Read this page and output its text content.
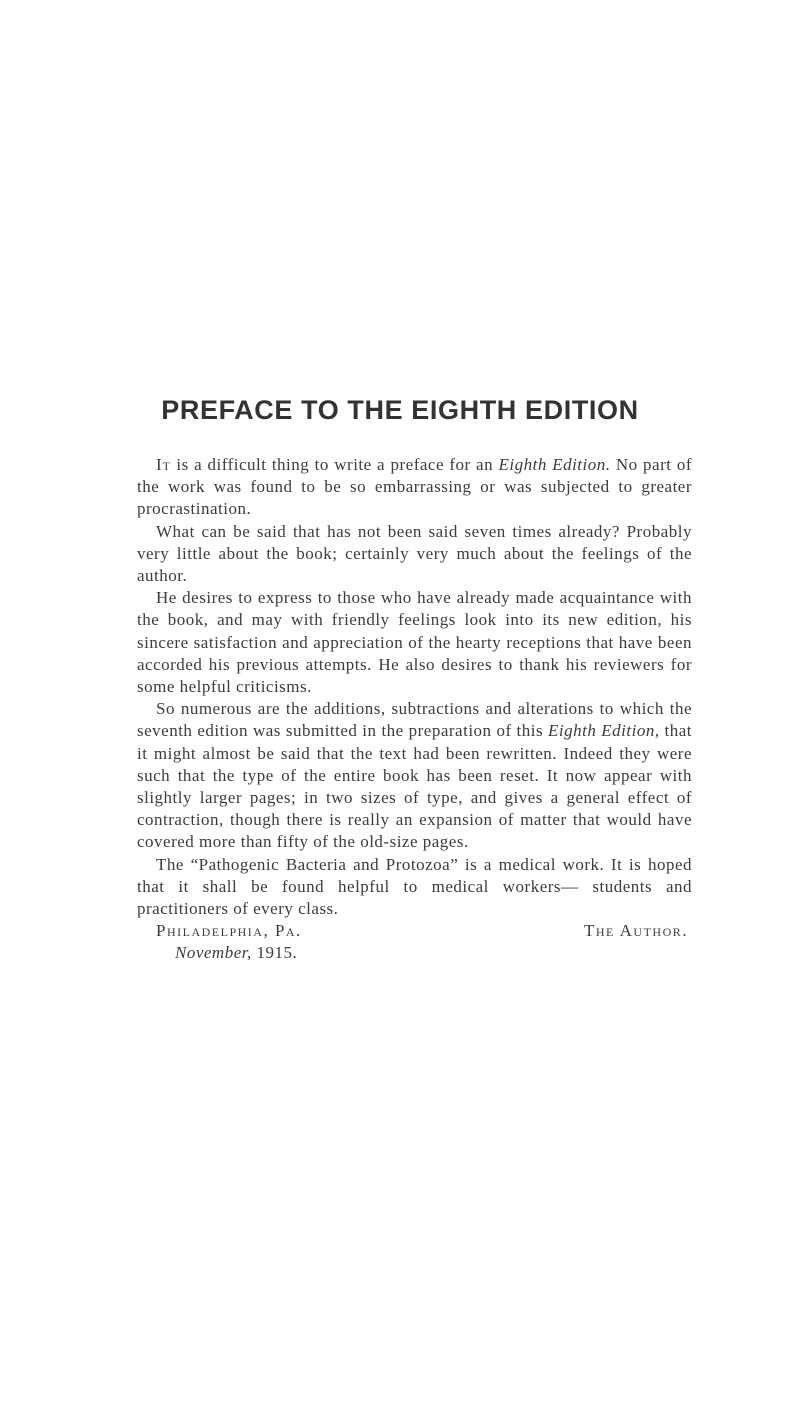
PREFACE TO THE EIGHTH EDITION

It is a difficult thing to write a preface for an Eighth Edition. No part of the work was found to be so embarrassing or was subjected to greater procrastination.

What can be said that has not been said seven times already? Probably very little about the book; certainly very much about the feelings of the author.

He desires to express to those who have already made acquaintance with the book, and may with friendly feelings look into its new edition, his sincere satisfaction and appreciation of the hearty receptions that have been accorded his previous attempts. He also desires to thank his reviewers for some helpful criticisms.

So numerous are the additions, subtractions and alterations to which the seventh edition was submitted in the preparation of this Eighth Edition, that it might almost be said that the text had been rewritten. Indeed they were such that the type of the entire book has been reset. It now appear with slightly larger pages; in two sizes of type, and gives a general effect of contraction, though there is really an expansion of matter that would have covered more than fifty of the old-size pages.

The “Pathogenic Bacteria and Protozoa” is a medical work. It is hoped that it shall be found helpful to medical workers— students and practitioners of every class.

Philadelphia, Pa.	The Author.

November, 1915.
